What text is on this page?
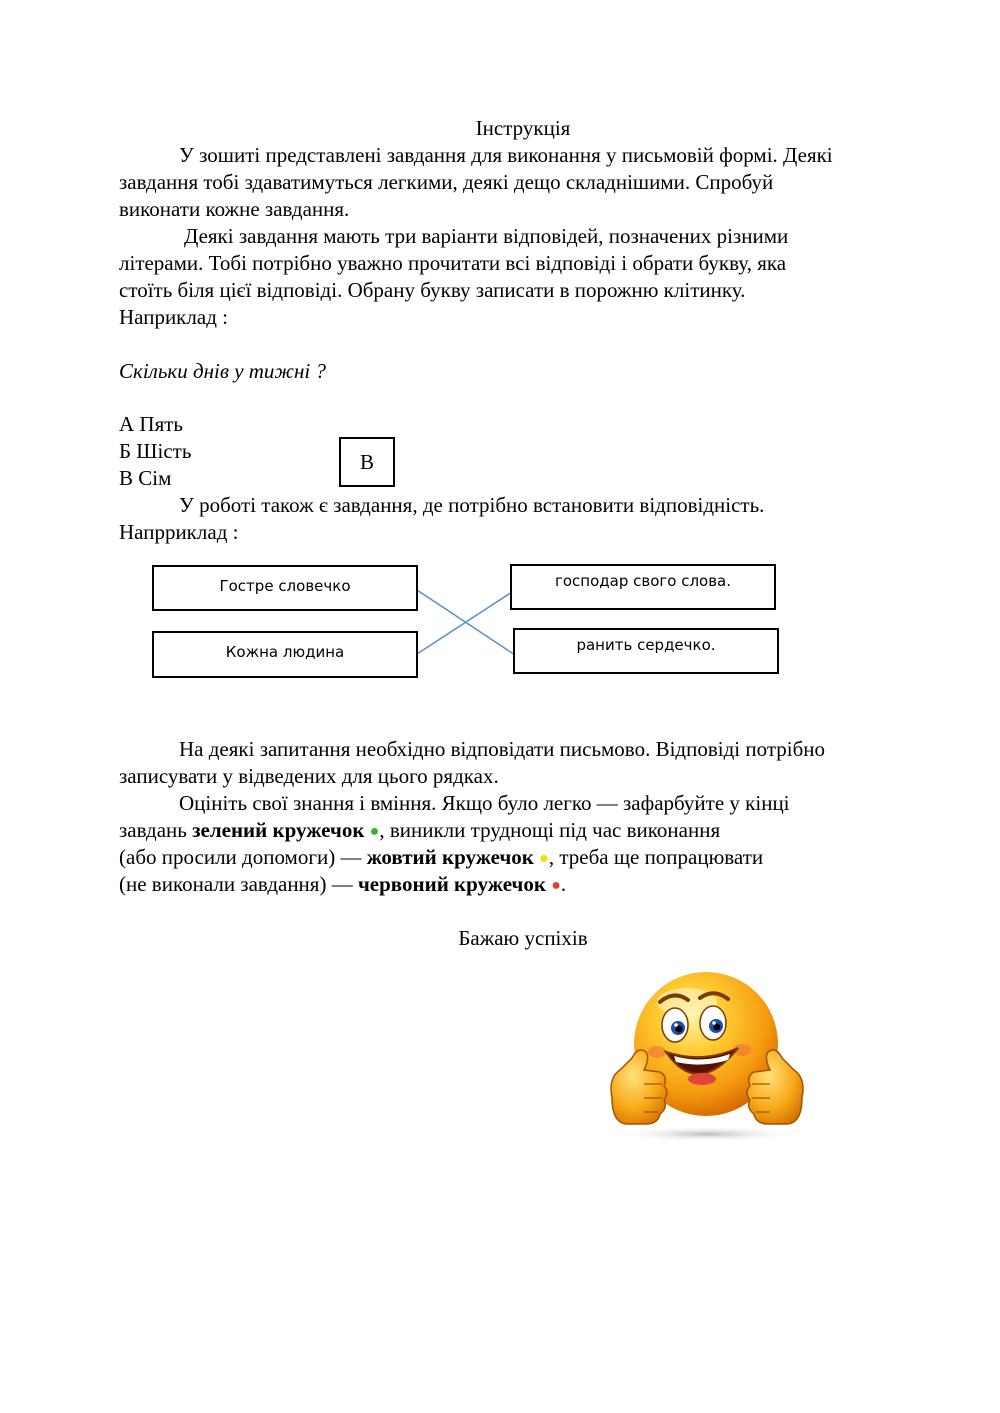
Інструкція
У зошиті представлені завдання для виконання у письмовій формі. Деякі
завдання тобі здаватимуться легкими, деякі дещо складнішими. Спробуй
виконати кожне завдання.
Деякі завдання мають три варіанти відповідей, позначених різними
літерами. Тобі потрібно уважно прочитати всі відповіді і обрати букву, яка
стоїть біля цієї відповіді. Обрану букву записати в порожню клітинку.
Наприклад :
Скільки днів у тижні ?
А Пять
Б Шість
В Сім
В
У роботі також є завдання, де потрібно встановити відповідність.
Напрриклад :
Гостре словечко
Кожна людина
господар свого слова.
ранить сердечко.
На деякі запитання необхідно відповідати письмово. Відповіді потрібно
записувати у відведених для цього рядках.
Оцініть свої знання і вміння. Якщо було легко — зафарбуйте у кінці
завдань зелений кружечок ●, виникли труднощі під час виконання
(або просили допомоги) — жовтий кружечок ●, треба ще попрацювати
(не виконали завдання) — червоний кружечок ●.
Бажаю успіхів
